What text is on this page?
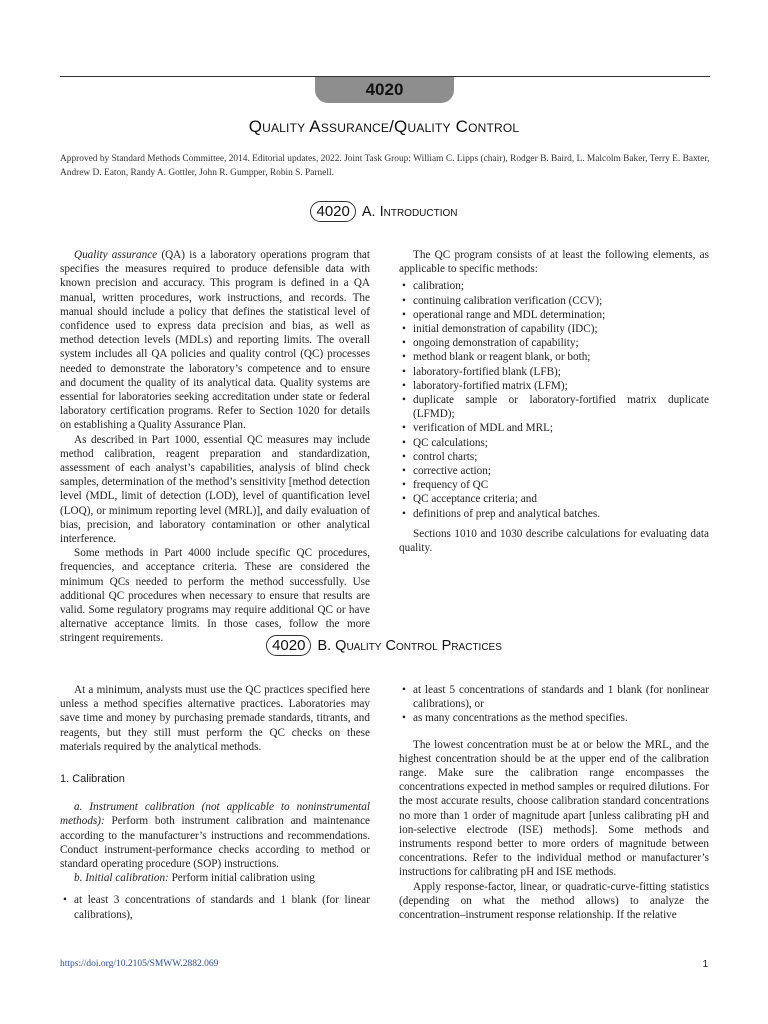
4020
Quality Assurance/Quality Control
Approved by Standard Methods Committee, 2014. Editorial updates, 2022. Joint Task Group: William C. Lipps (chair), Rodger B. Baird, L. Malcolm Baker, Terry E. Baxter, Andrew D. Eaton, Randy A. Gottler, John R. Gumpper, Robin S. Parnell.
4020 A. Introduction

Quality assurance (QA) is a laboratory operations program that specifies the measures required to produce defensible data with known precision and accuracy. This program is defined in a QA manual, written procedures, work instructions, and records. The manual should include a policy that defines the statistical level of confidence used to express data precision and bias, as well as method detection levels (MDLs) and reporting limits. The overall system includes all QA policies and quality control (QC) processes needed to demonstrate the laboratory’s competence and to ensure and document the quality of its analytical data. Quality systems are essential for laboratories seeking accreditation under state or federal laboratory certification programs. Refer to Section 1020 for details on establishing a Quality Assurance Plan.

As described in Part 1000, essential QC measures may include method calibration, reagent preparation and standardization, assessment of each analyst’s capabilities, analysis of blind check samples, determination of the method’s sensitivity [method detection level (MDL, limit of detection (LOD), level of quantification level (LOQ), or minimum reporting level (MRL)], and daily evaluation of bias, precision, and laboratory contamination or other analytical interference.

Some methods in Part 4000 include specific QC procedures, frequencies, and acceptance criteria. These are considered the minimum QCs needed to perform the method successfully. Use additional QC procedures when necessary to ensure that results are valid. Some regulatory programs may require additional QC or have alternative acceptance limits. In those cases, follow the more stringent requirements.

The QC program consists of at least the following elements, as applicable to specific methods:

• calibration;
• continuing calibration verification (CCV);
• operational range and MDL determination;
• initial demonstration of capability (IDC);
• ongoing demonstration of capability;
• method blank or reagent blank, or both;
• laboratory-fortified blank (LFB);
• laboratory-fortified matrix (LFM);
• duplicate sample or laboratory-fortified matrix duplicate (LFMD);
• verification of MDL and MRL;
• QC calculations;
• control charts;
• corrective action;
• frequency of QC
• QC acceptance criteria; and
• definitions of prep and analytical batches.

Sections 1010 and 1030 describe calculations for evaluating data quality.

4020 B. Quality Control Practices

At a minimum, analysts must use the QC practices specified here unless a method specifies alternative practices. Laboratories may save time and money by purchasing premade standards, titrants, and reagents, but they still must perform the QC checks on these materials required by the analytical methods.

1. Calibration

a. Instrument calibration (not applicable to noninstrumental methods): Perform both instrument calibration and maintenance according to the manufacturer’s instructions and recommendations. Conduct instrument-performance checks according to method or standard operating procedure (SOP) instructions.

b. Initial calibration: Perform initial calibration using

• at least 3 concentrations of standards and 1 blank (for linear calibrations),
• at least 5 concentrations of standards and 1 blank (for nonlinear calibrations), or
• as many concentrations as the method specifies.

The lowest concentration must be at or below the MRL, and the highest concentration should be at the upper end of the calibration range. Make sure the calibration range encompasses the concentrations expected in method samples or required dilutions. For the most accurate results, choose calibration standard concentrations no more than 1 order of magnitude apart [unless calibrating pH and ion-selective electrode (ISE) methods]. Some methods and instruments respond better to more orders of magnitude between concentrations. Refer to the individual method or manufacturer’s instructions for calibrating pH and ISE methods.

Apply response-factor, linear, or quadratic-curve-fitting statistics (depending on what the method allows) to analyze the concentration–instrument response relationship. If the relative

https://doi.org/10.2105/SMWW.2882.069	1
